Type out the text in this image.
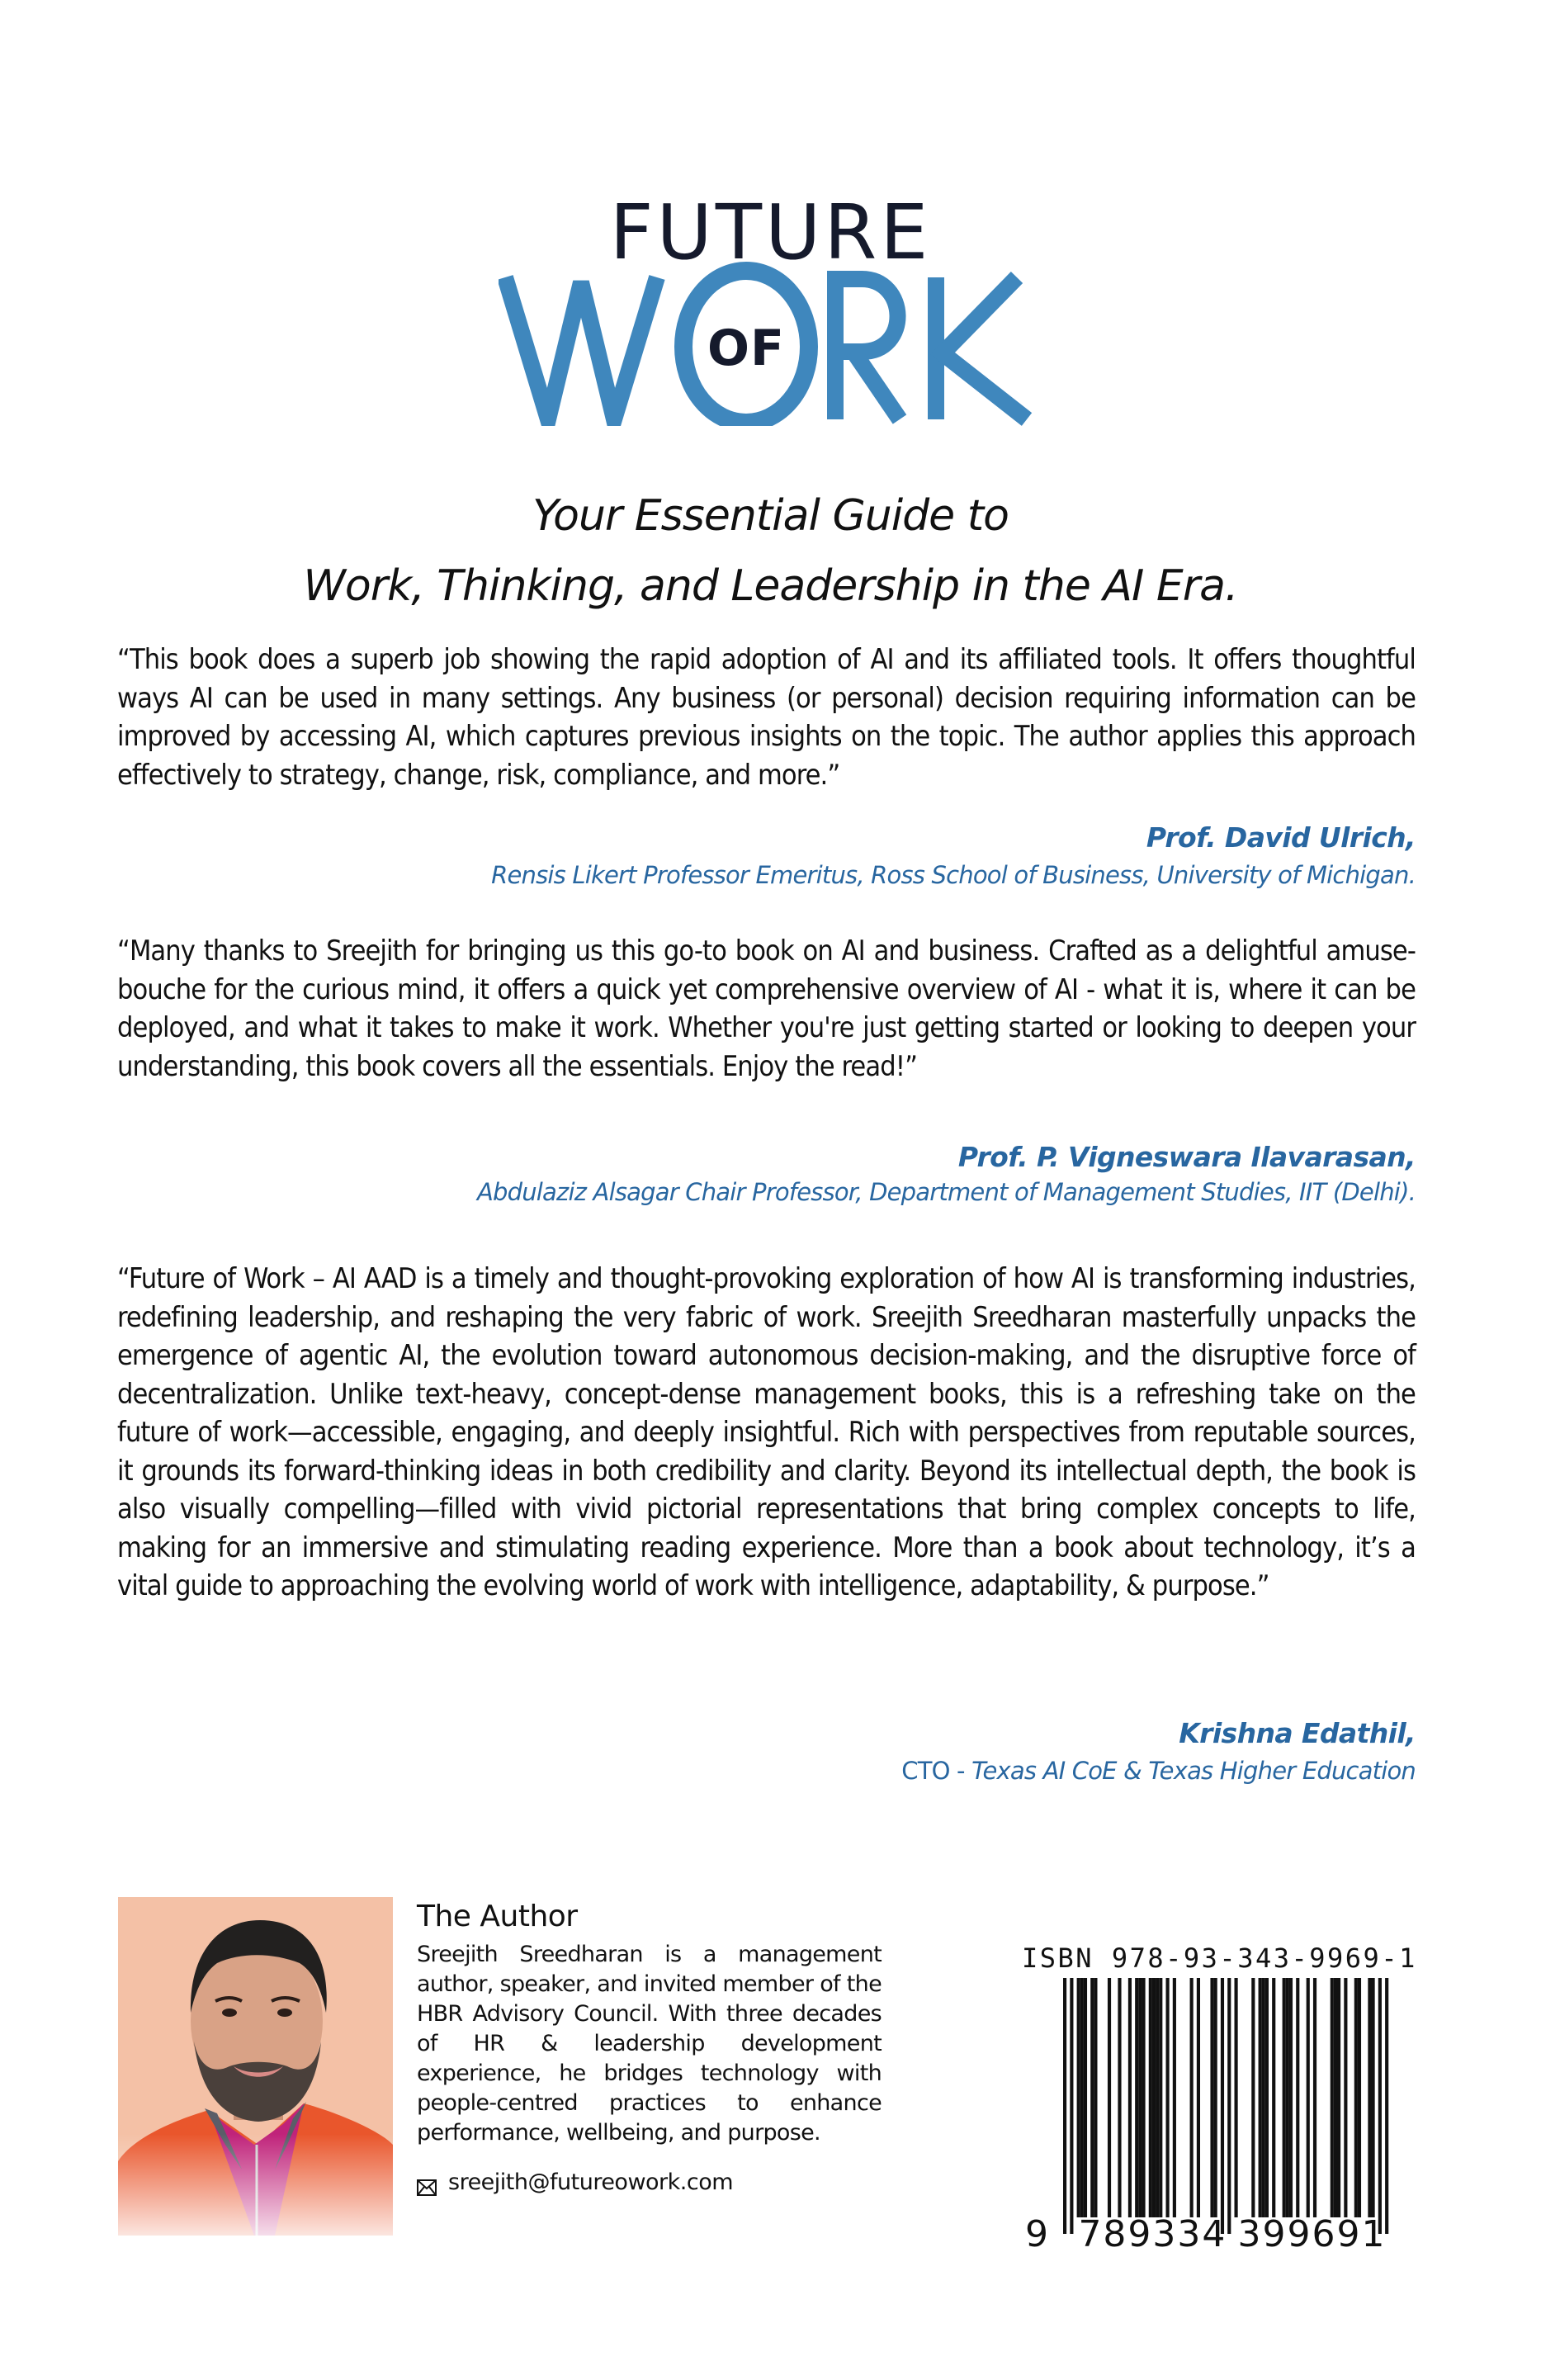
FUTURE
OF
Your Essential Guide to
Work, Thinking, and Leadership in the AI Era.
“This book does a superb job showing the rapid adoption of AI and its affiliated tools. It offers thoughtful ways AI can be used in many settings. Any business (or personal) decision requiring information can be improved by accessing AI, which captures previous insights on the topic. The author applies this approach effectively to strategy, change, risk, compliance, and more.”
Prof. David Ulrich,
Rensis Likert Professor Emeritus, Ross School of Business, University of Michigan.
“Many thanks to Sreejith for bringing us this go-to book on AI and business. Crafted as a delightful amuse-bouche for the curious mind, it offers a quick yet comprehensive overview of AI - what it is, where it can be deployed, and what it takes to make it work. Whether you're just getting started or looking to deepen your understanding, this book covers all the essentials. Enjoy the read!”
Prof. P. Vigneswara Ilavarasan,
Abdulaziz Alsagar Chair Professor, Department of Management Studies, IIT (Delhi).
“Future of Work – AI AAD is a timely and thought-provoking exploration of how AI is transforming industries, redefining leadership, and reshaping the very fabric of work. Sreejith Sreedharan masterfully unpacks the emergence of agentic AI, the evolution toward autonomous decision-making, and the disruptive force of decentralization. Unlike text-heavy, concept-dense management books, this is a refreshing take on the future of work—accessible, engaging, and deeply insightful. Rich with perspectives from reputable sources, it grounds its forward-thinking ideas in both credibility and clarity. Beyond its intellectual depth, the book is also visually compelling—filled with vivid pictorial representations that bring complex concepts to life, making for an immersive and stimulating reading experience. More than a book about technology, it’s a vital guide to approaching the evolving world of work with intelligence, adaptability, & purpose.”
Krishna Edathil,
CTO - Texas AI CoE & Texas Higher Education
The Author
Sreejith Sreedharan is a management author, speaker, and invited member of the HBR Advisory Council. With three decades of HR & leadership development experience, he bridges technology with people-centred practices to enhance performance, wellbeing, and purpose.
sreejith@futureowork.com
ISBN 978-93-343-9969-1
9 789334 399691
